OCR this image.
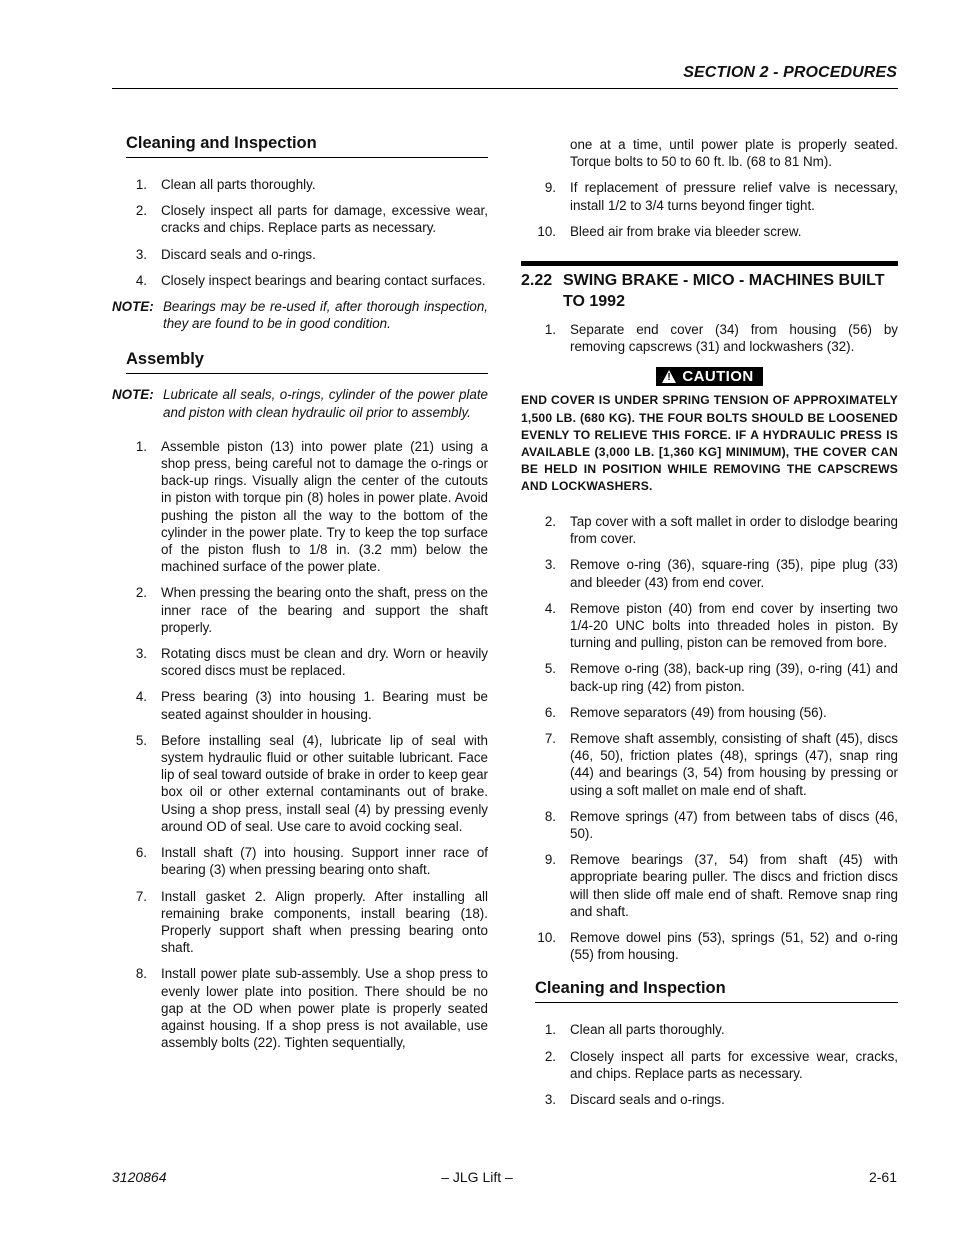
SECTION 2 - PROCEDURES
Cleaning and Inspection
1.	Clean all parts thoroughly.
2.	Closely inspect all parts for damage, excessive wear, cracks and chips. Replace parts as necessary.
3.	Discard seals and o-rings.
4.	Closely inspect bearings and bearing contact surfaces.
NOTE: Bearings may be re-used if, after thorough inspection, they are found to be in good condition.
Assembly
NOTE: Lubricate all seals, o-rings, cylinder of the power plate and piston with clean hydraulic oil prior to assembly.
1.	Assemble piston (13) into power plate (21) using a shop press, being careful not to damage the o-rings or back-up rings. Visually align the center of the cutouts in piston with torque pin (8) holes in power plate. Avoid pushing the piston all the way to the bottom of the cylinder in the power plate. Try to keep the top surface of the piston flush to 1/8 in. (3.2 mm) below the machined surface of the power plate.
2.	When pressing the bearing onto the shaft, press on the inner race of the bearing and support the shaft properly.
3.	Rotating discs must be clean and dry. Worn or heavily scored discs must be replaced.
4.	Press bearing (3) into housing 1. Bearing must be seated against shoulder in housing.
5.	Before installing seal (4), lubricate lip of seal with system hydraulic fluid or other suitable lubricant. Face lip of seal toward outside of brake in order to keep gear box oil or other external contaminants out of brake. Using a shop press, install seal (4) by pressing evenly around OD of seal. Use care to avoid cocking seal.
6.	Install shaft (7) into housing. Support inner race of bearing (3) when pressing bearing onto shaft.
7.	Install gasket 2. Align properly. After installing all remaining brake components, install bearing (18). Properly support shaft when pressing bearing onto shaft.
8.	Install power plate sub-assembly. Use a shop press to evenly lower plate into position. There should be no gap at the OD when power plate is properly seated against housing. If a shop press is not available, use assembly bolts (22). Tighten sequentially,
one at a time, until power plate is properly seated. Torque bolts to 50 to 60 ft. lb. (68 to 81 Nm).
9.	If replacement of pressure relief valve is necessary, install 1/2 to 3/4 turns beyond finger tight.
10.	Bleed air from brake via bleeder screw.
2.22 SWING BRAKE - MICO - MACHINES BUILT TO 1992
1.	Separate end cover (34) from housing (56) by removing capscrews (31) and lockwashers (32).
! CAUTION
END COVER IS UNDER SPRING TENSION OF APPROXIMATELY 1,500 LB. (680 KG). THE FOUR BOLTS SHOULD BE LOOSENED EVENLY TO RELIEVE THIS FORCE. IF A HYDRAULIC PRESS IS AVAILABLE (3,000 LB. [1,360 KG] MINIMUM), THE COVER CAN BE HELD IN POSITION WHILE REMOVING THE CAPSCREWS AND LOCKWASHERS.
2.	Tap cover with a soft mallet in order to dislodge bearing from cover.
3.	Remove o-ring (36), square-ring (35), pipe plug (33) and bleeder (43) from end cover.
4.	Remove piston (40) from end cover by inserting two 1/4-20 UNC bolts into threaded holes in piston. By turning and pulling, piston can be removed from bore.
5.	Remove o-ring (38), back-up ring (39), o-ring (41) and back-up ring (42) from piston.
6.	Remove separators (49) from housing (56).
7.	Remove shaft assembly, consisting of shaft (45), discs (46, 50), friction plates (48), springs (47), snap ring (44) and bearings (3, 54) from housing by pressing or using a soft mallet on male end of shaft.
8.	Remove springs (47) from between tabs of discs (46, 50).
9.	Remove bearings (37, 54) from shaft (45) with appropriate bearing puller. The discs and friction discs will then slide off male end of shaft. Remove snap ring and shaft.
10.	Remove dowel pins (53), springs (51, 52) and o-ring (55) from housing.
Cleaning and Inspection
1.	Clean all parts thoroughly.
2.	Closely inspect all parts for excessive wear, cracks, and chips. Replace parts as necessary.
3.	Discard seals and o-rings.
3120864	– JLG Lift –	2-61
